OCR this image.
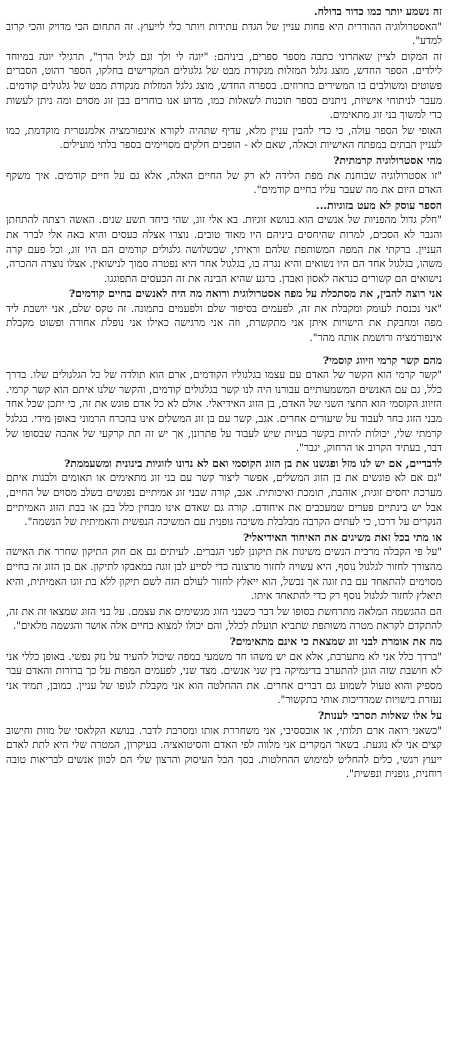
זה נשמע יותר כמו כדור בדולח.

"האסטרולוגיה ההודרית היא פחות עניין של הגדת עתידות ויותר כלי לייעוץ. זה התחום הכי מדויק והכי קרוב למדע".

זה המקום לציין שאהרוני כתבה מספר ספרים, ביניהם: "יוגה לי ולך וגם לגיל הרך", תרגילי יוגה במיוחד לילדים. הספר החדש, מוצג גלגל המזלות מנקודת מבט של גלגולים המקדישים בחלקו, הספר רהוט, הסברים פשוטים ומשולבים בו המשירים בחרוזים. בספרה החדש, מוצג גלגל המזלות מנקודת מבט של גלגולים קודמים. מעבר לניתוחי אישיות, ניתנים בספר תוכנות לשאלות כמו, מדוע אנו בוחרים בבן זוג מסוים ומה ניתן לעשות כדי למשוך בני זוג מתאימים.

האופי של הספר עולה, כי כדי להבין עניין מלא, עדיף שתהיה לקורא אינפורמציה אלמנטרית מוקדמת, כמו לעניין הבתים במפתח האישיות וכאלה, שאם לא - הופכים חלקים מסויימים בספר בלתי מועילים.

מהי אסטרולוגיה קרמתית?

"זו אסטרולוגיה שבוחנת את מפת הלידה לא רק של החיים האלה, אלא גם על חיים קודמים. איך משקף האדם היום את מה שעבר עליו בחיים קודמים".

הספר עוסק לא מעט בזוגיות...

"חלק גדול מהפניות של אנשים הוא בנושא זוגיות. בא אלי זוג, שהי ביחד תשע שנים. האשה רצתה להתחתן והגבר לא הסכים, למרות שהיחסים ביניהם היו מאוד טובים. נוצרו אצלה כעסים והיא באה אלי לברר את העניין. ברקתי את המפה המשותפת שלהם וראיתי, שבשלושה גלגולים קודמים הם היו זוג, וכל פעם קרה משהו, בגלגול אחד הם היו נשואים והיא נגרה בו, בגלגול אחר היא נפטרה סמוך לנישואין. אצלו נוצרה ההכרה, נישואים הם קשורים כנראה לאסון ואבדן. ברגע שהיא הבינה את זה הכעסים התפוגגו.

אני רוצה להבין, את מסתכלת על מפה אסטרולוגית ורואה מה היה לאנשים בחיים קודמים?

"אני נכנסת לעומק ומקבלת את זה, לפעמים בסיפור שלם ולפעמים בתמונה. זה טקס שלם, אני יושבת ליד מפה ומחבקת את הישויות איתן אני מתקשרת, וזה אני מרגישה כאילו אני נופלת אחורה ופשוט מקבלת אינפורמציה ורושמת אותה מהר".

מהם קשר קרמי וזיווג קוסמי?

"קשר קרמי הוא הקשר של האדם עם עצמו בגלגוליו הקודמים, ארם הוא תולדה של כל הגלגולים שלו. בדרך כלל, גם עם האנשים המשמעותיים עבורנו היה לנו קשר בגלגולים קודמים, והקשר שלנו איתם הוא קשר קרמי. הזיווג הקוסמי הוא החצי השני של האדם, בן הזוג האידיאלי. אולם לא כל אדם פוגש את זה, כי יתכן שכל אחד מבני הזוג בחר לעבוד על שיעורים אחרים. אגב, קשר עם בן זוג המשלים אינו בהכרח הרמוני באופן מידי. בגלגל קרמתי שלי, יכולות להיות בקשר בעיות שיש לעבוד על פתרונן, אך יש זה תת קרקעי של אהבה שבסופו של דבר, בעתיד הקרוב או הרחוק, יגבר".

לרבדיים, אם יש לנו מזל ופגשנו את בן הזוג הקוסמי ואם לא נדונו לזוגיות בינונית ומשעממת?

"גם אם לא פוגשים את בן הזוג המשלים, אפשר ליצור קשר עם בני זוג מתאימים או תאומים ולבנות איתם מערכת יחסים זוגית, אוהבת, תומכת ואיכותית. אגב, קורה שבני זוג אמיתיים נפגשים בשלב מסוים של החיים, אבל יש בינתיים פערים שמעכבים את איחודם. קורה גם שאדם אינו מבחין כלל בבן או בבת הזוג האמיתיים הנקרים על דרכו, כי לעתים הקרבה מבלבלת משיכה גופנית עם המשיכה הנפשית והאמיתית של הנשמה".

או מתי בכל זאת משיגים את האיחוד האידיאלי?

"על פי הקבלה מרבית הנשים משיגות את תיקונן לפני הגברים. לעיתים גם אם חוק התיקון שחרר את האישה מהצורך לחזור לגלגול נוסף, היא עשויה לחזור מרצונה כדי לסייע לבן זוגה במאבקו לתיקון. אם בן הזוג זה בחיים מסוימים להתאחד עם בת זוגה אך נכשל, הוא ייאלץ לחזור לעולם הזה לשם תיקון ללא בת זוגו האמיתית, והיא תיאלץ לחזור לגלגול נוסף רק כדי להתאחד איתו.

הם ההגשמה המלאה מתרחשת בסופו של דבר כשבני הזוג מגשימים את עצמם. על בני הזוג שמצאו זה את זה, להתקדם לקראת מטרה משותפת שתביא תועלת לכלל, והם יכולו למצוא בחיים אלה אושר והגשמה מלאים".

מה את אומרת לבני זוג שמצאת כי אינם מתאימים?

"ברדך כלל אני לא מתערבת, אלא אם יש משהו חד משמעי במפה שיכול להעיד על נזק נפשי. באופן כללי אני לא חושבת שזה הוגן להתערב בדינמיקה בין שני אנשים. מצד שני, לפעמים המפות על כך ברורות והאדם עבר מספיק והוא טעול לשמוע גם דברים אחרים. את ההחלטה הוא אני מקבלת לגופו של עניין. כמובן, תמיד אני נעזרת בישויות שמדריכות אותי בתקשור".

על אלו שאלות תסרבי לענות?

"כשאני רואה ארם תלותי, או אובססיבי, אני משחררת אותו ומסרבת לדבר. בנושא הקלאסי של מוות וחישוב קצים אני לא נוגעת. בשאר המקרים אני מלווה לפי האדם והסיטואציה. בעיקרון, המטרה שלי היא לתת לאדם ייעוץ רגשי, כלים להחליט למימוש ההחלטות. בסך הכל העיסוק והרצון שלי הם לכוון אנשים לבריאות טובה רוחנית, גופנית ונפשית".
